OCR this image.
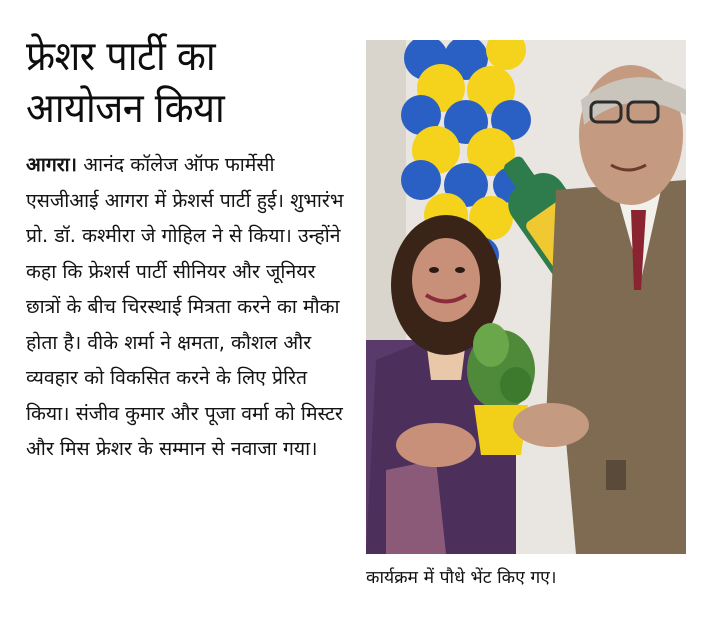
फ्रेशर पार्टी का
आयोजन किया

आगरा। आनंद कॉलेज ऑफ फार्मेसी एसजीआई आगरा में फ्रेशर्स पार्टी हुई। शुभारंभ प्रो. डॉ. कश्मीरा जे गोहिल ने से किया। उन्होंने कहा कि फ्रेशर्स पार्टी सीनियर और जूनियर छात्रों के बीच चिरस्थाई मित्रता करने का मौका होता है। वीके शर्मा ने क्षमता, कौशल और व्यवहार को विकसित करने के लिए प्रेरित किया। संजीव कुमार और पूजा वर्मा को मिस्टर और मिस फ्रेशर के सम्मान से नवाजा गया।

कार्यक्रम में पौधे भेंट किए गए।
